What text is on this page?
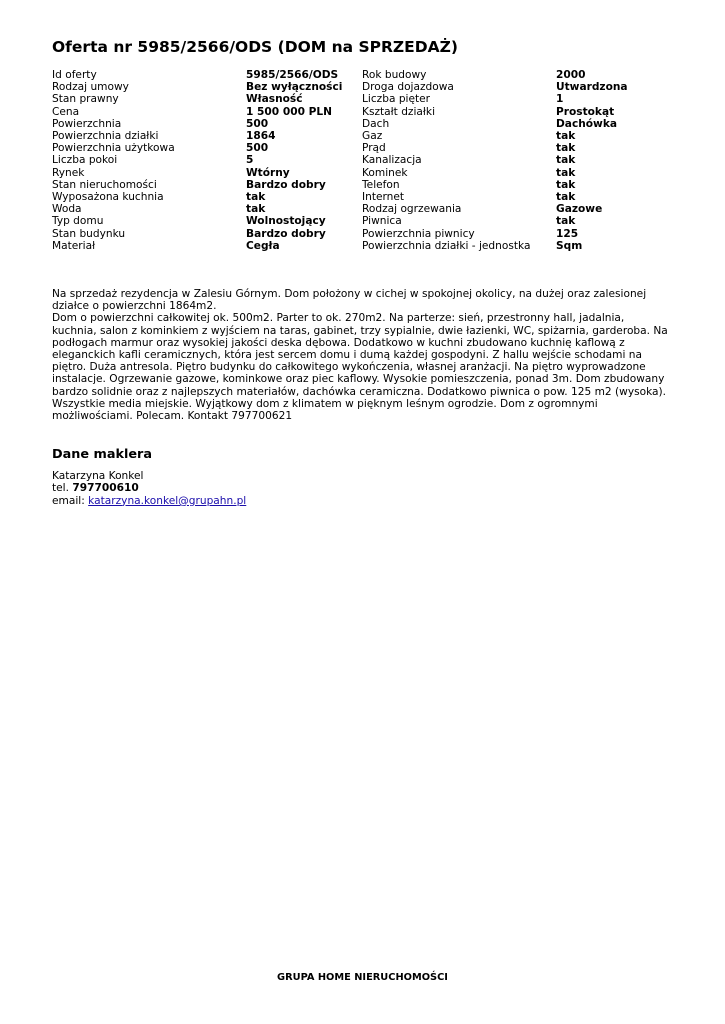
Oferta nr 5985/2566/ODS (DOM na SPRZEDAŻ)
Id oferty	5985/2566/ODS	Rok budowy	2000
Rodzaj umowy	Bez wyłączności	Droga dojazdowa	Utwardzona
Stan prawny	Własność	Liczba pięter	1
Cena	1 500 000 PLN	Kształt działki	Prostokąt
Powierzchnia	500	Dach	Dachówka
Powierzchnia działki	1864	Gaz	tak
Powierzchnia użytkowa	500	Prąd	tak
Liczba pokoi	5	Kanalizacja	tak
Rynek	Wtórny	Kominek	tak
Stan nieruchomości	Bardzo dobry	Telefon	tak
Wyposażona kuchnia	tak	Internet	tak
Woda	tak	Rodzaj ogrzewania	Gazowe
Typ domu	Wolnostojący	Piwnica	tak
Stan budynku	Bardzo dobry	Powierzchnia piwnicy	125
Materiał	Cegła	Powierzchnia działki - jednostka	Sqm

Na sprzedaż rezydencja w Zalesiu Górnym. Dom położony w cichej w spokojnej okolicy, na dużej oraz zalesionej działce o powierzchni 1864m2.

Dom o powierzchni całkowitej ok. 500m2. Parter to ok. 270m2. Na parterze: sień, przestronny hall, jadalnia, kuchnia, salon z kominkiem z wyjściem na taras, gabinet, trzy sypialnie, dwie łazienki, WC, spiżarnia, garderoba. Na podłogach marmur oraz wysokiej jakości deska dębowa. Dodatkowo w kuchni zbudowano kuchnię kaflową z eleganckich kafli ceramicznych, która jest sercem domu i dumą każdej gospodyni. Z hallu wejście schodami na piętro. Duża antresola. Piętro budynku do całkowitego wykończenia, własnej aranżacji. Na piętro wyprowadzone instalacje. Ogrzewanie gazowe, kominkowe oraz piec kaflowy. Wysokie pomieszczenia, ponad 3m. Dom zbudowany bardzo solidnie oraz z najlepszych materiałów, dachówka ceramiczna. Dodatkowo piwnica o pow. 125 m2 (wysoka). Wszystkie media miejskie. Wyjątkowy dom z klimatem w pięknym leśnym ogrodzie. Dom z ogromnymi możliwościami. Polecam. Kontakt 797700621

Dane maklera
Katarzyna Konkel
tel. 797700610
email: katarzyna.konkel@grupahn.pl
GRUPA HOME NIERUCHOMOŚCI
